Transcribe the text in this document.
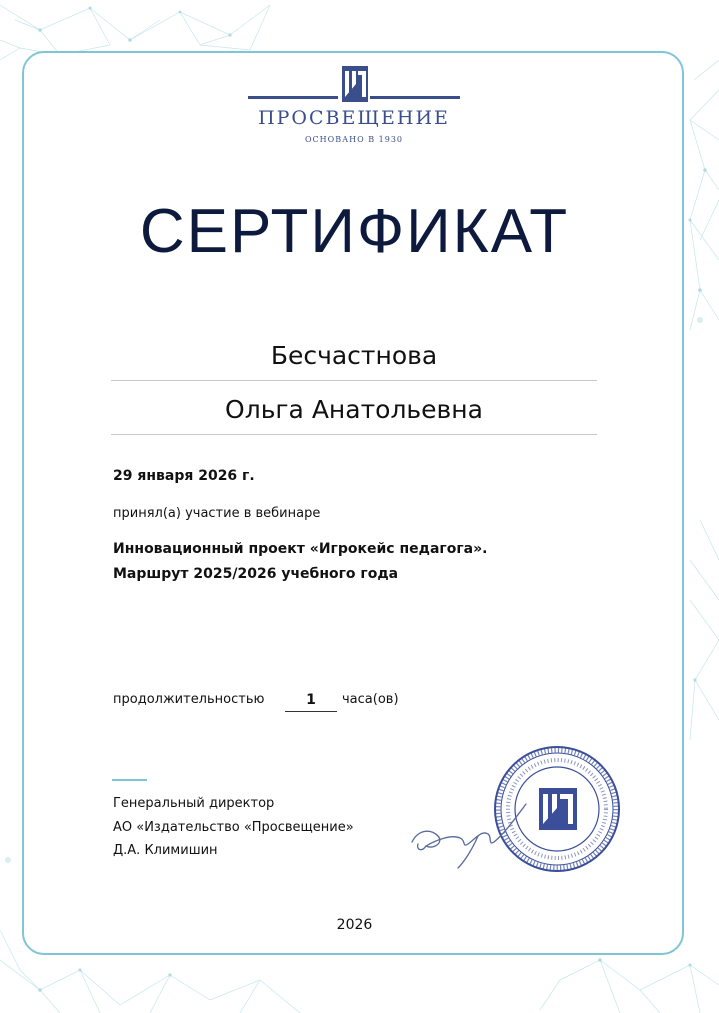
ПРОСВЕЩЕНИЕ
ОСНОВАНО В 1930
СЕРТИФИКАТ
Бесчастнова
Ольга Анатольевна
29 января 2026 г.
принял(а) участие в вебинаре
Инновационный проект «Игрокейс педагога».
Маршрут 2025/2026 учебного года
продолжительностью	1	часа(ов)
Генеральный директор
АО «Издательство «Просвещение»
Д.А. Климишин
2026
